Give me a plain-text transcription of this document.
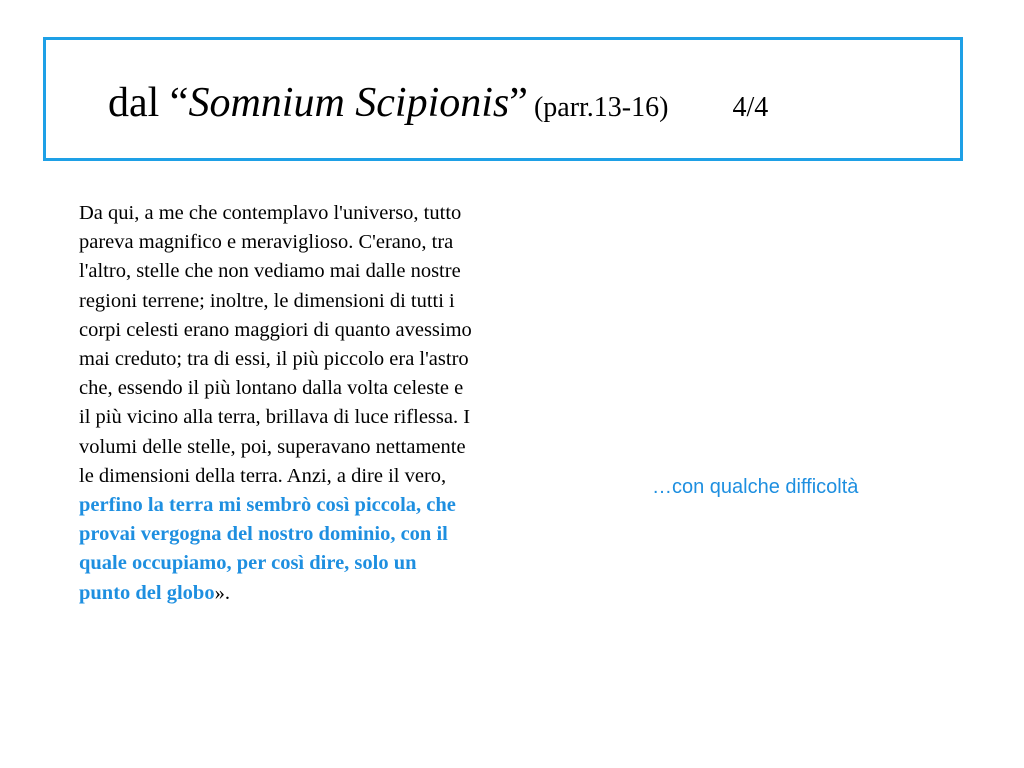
dal “Somnium Scipionis” (parr.13-16) 4/4

Da qui, a me che contemplavo l'universo, tutto
pareva magnifico e meraviglioso. C'erano, tra
l'altro, stelle che non vediamo mai dalle nostre
regioni terrene; inoltre, le dimensioni di tutti i
corpi celesti erano maggiori di quanto avessimo
mai creduto; tra di essi, il più piccolo era l'astro
che, essendo il più lontano dalla volta celeste e
il più vicino alla terra, brillava di luce riflessa. I
volumi delle stelle, poi, superavano nettamente
le dimensioni della terra. Anzi, a dire il vero,
perfino la terra mi sembrò così piccola, che
provai vergogna del nostro dominio, con il
quale occupiamo, per così dire, solo un
punto del globo».

…con qualche difficoltà
